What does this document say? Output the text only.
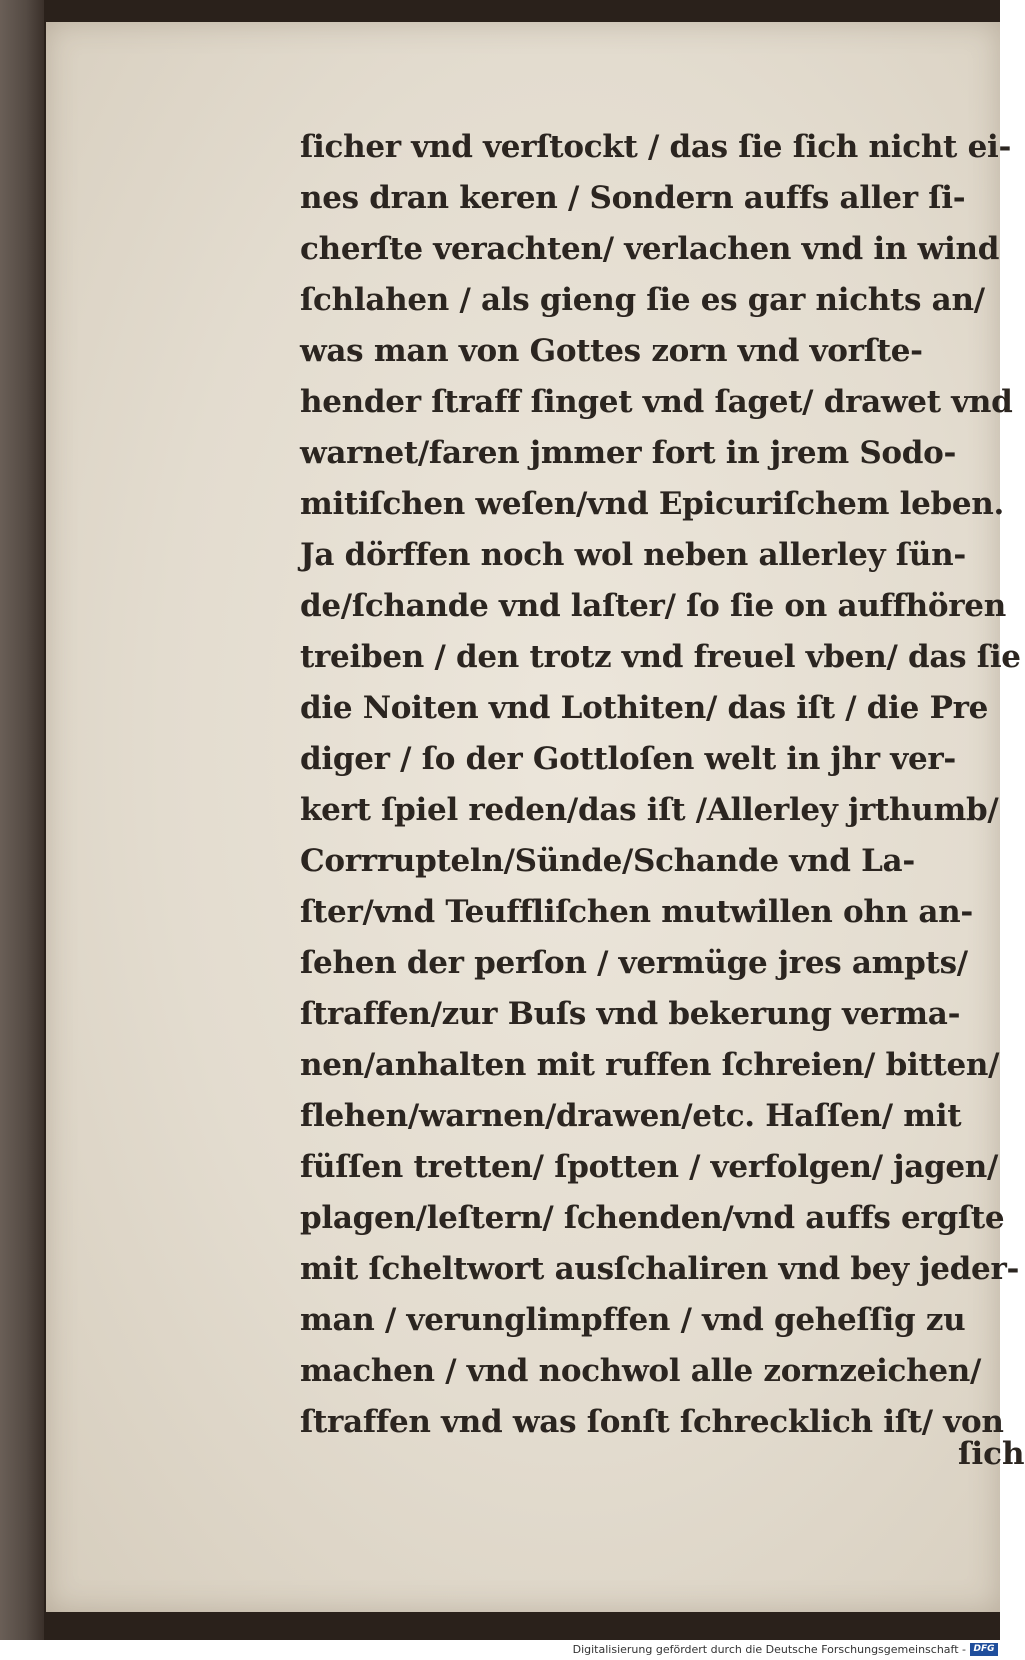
ſicher vnd verſtockt / das ſie ſich nicht ei-
nes dran keren / Sondern auffs aller ſi-
cherſte verachten/ verlachen vnd in wind
ſchlahen / als gieng ſie es gar nichts an/
was man von Gottes zorn vnd vorſte-
hender ſtraff ſinget vnd ſaget/ drawet vnd
warnet/faren jmmer fort in jrem Sodo-
mitiſchen weſen/vnd Epicuriſchem leben.
Ja dörffen noch wol neben allerley ſün-
de/ſchande vnd laſter/ ſo ſie on auffhören
treiben / den trotz vnd freuel vben/ das ſie
die Noiten vnd Lothiten/ das iſt / die Pre
diger / ſo der Gottloſen welt in jhr ver-
kert ſpiel reden/das iſt /Allerley jrthumb/
Corrrupteln/Sünde/Schande vnd La-
ſter/vnd Teuffliſchen mutwillen ohn an-
ſehen der perſon / vermüge jres ampts/
ſtraffen/zur Buſs vnd bekerung verma-
nen/anhalten mit ruffen ſchreien/ bitten/
flehen/warnen/drawen/etc. Haſſen/ mit
füſſen tretten/ ſpotten / verfolgen/ jagen/
plagen/leſtern/ ſchenden/vnd auffs ergſte
mit ſcheltwort ausſchaliren vnd bey jeder-
man / verunglimpffen / vnd geheſſig zu
machen / vnd nochwol alle zornzeichen/
ſtraffen vnd was ſonſt ſchrecklich iſt/ von
ſich
Digitalisierung gefördert durch die Deutsche Forschungsgemeinschaft - DFG
